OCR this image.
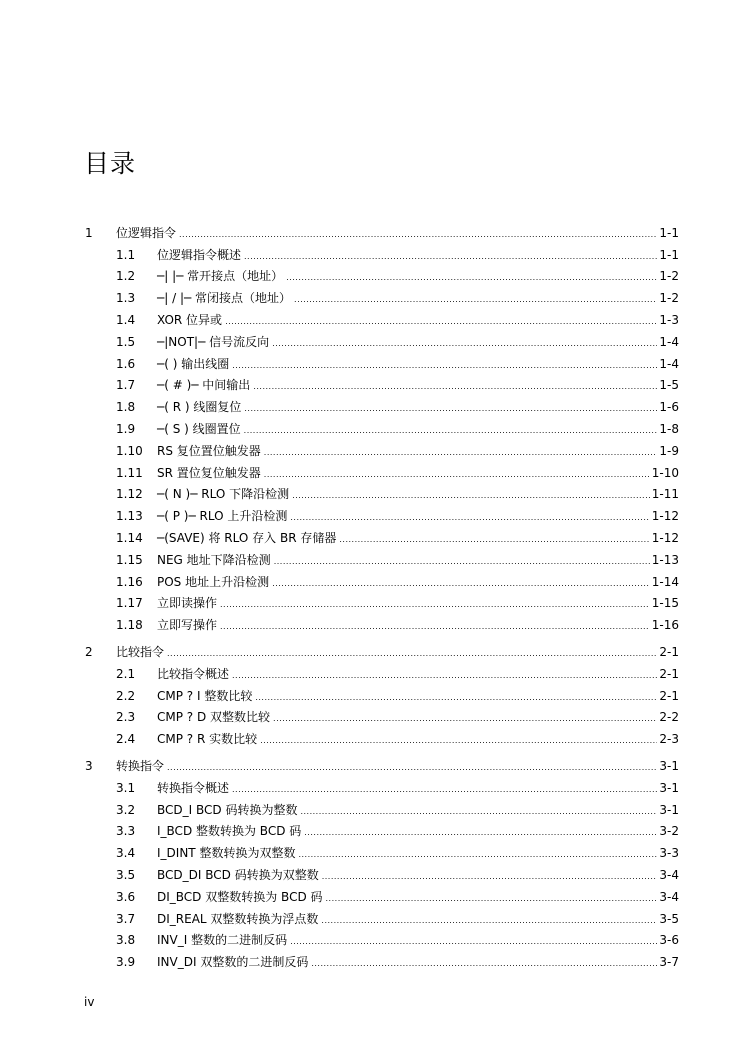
目录
1	位逻辑指令 .....	1-1
1.1	位逻辑指令概述 .....	1-1
1.2	─| |─ 常开接点（地址） .....	1-2
1.3	─| / |─ 常闭接点（地址） .....	1-2
1.4	XOR 位异或 .....	1-3
1.5	─|NOT|─ 信号流反向 .....	1-4
1.6	─( ) 输出线圈 .....	1-4
1.7	─( # )─ 中间输出 .....	1-5
1.8	─( R ) 线圈复位 .....	1-6
1.9	─( S ) 线圈置位 .....	1-8
1.10	RS 复位置位触发器 .....	1-9
1.11	SR 置位复位触发器 .....	1-10
1.12	─( N )─ RLO 下降沿检测 .....	1-11
1.13	─( P )─ RLO 上升沿检测 .....	1-12
1.14	─(SAVE) 将 RLO 存入 BR 存储器 .....	1-12
1.15	NEG 地址下降沿检测 .....	1-13
1.16	POS 地址上升沿检测 .....	1-14
1.17	立即读操作 .....	1-15
1.18	立即写操作 .....	1-16
2	比较指令 .....	2-1
2.1	比较指令概述 .....	2-1
2.2	CMP ? I 整数比较 .....	2-1
2.3	CMP ? D 双整数比较 .....	2-2
2.4	CMP ? R 实数比较 .....	2-3
3	转换指令 .....	3-1
3.1	转换指令概述 .....	3-1
3.2	BCD_I BCD 码转换为整数 .....	3-1
3.3	I_BCD 整数转换为 BCD 码 .....	3-2
3.4	I_DINT 整数转换为双整数 .....	3-3
3.5	BCD_DI BCD 码转换为双整数 .....	3-4
3.6	DI_BCD 双整数转换为 BCD 码 .....	3-4
3.7	DI_REAL 双整数转换为浮点数 .....	3-5
3.8	INV_I 整数的二进制反码 .....	3-6
3.9	INV_DI 双整数的二进制反码 .....	3-7
iv
